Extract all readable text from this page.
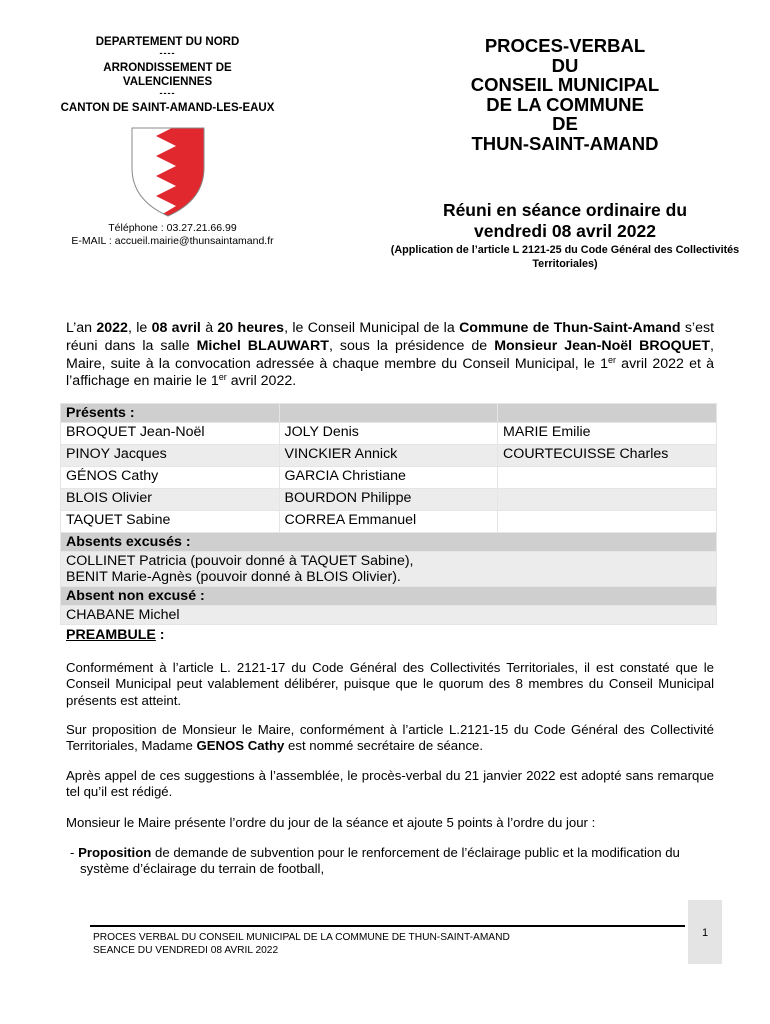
DEPARTEMENT DU NORD
----
ARRONDISSEMENT DE
VALENCIENNES
----
CANTON DE SAINT-AMAND-LES-EAUX
Téléphone : 03.27.21.66.99
E-MAIL : accueil.mairie@thunsaintamand.fr
PROCES-VERBAL
DU
CONSEIL MUNICIPAL
DE LA COMMUNE
DE
THUN-SAINT-AMAND
Réuni en séance ordinaire du
vendredi 08 avril 2022
(Application de l’article L 2121-25 du Code Général des Collectivités Territoriales)
L’an 2022, le 08 avril à 20 heures, le Conseil Municipal de la Commune de Thun-Saint-Amand s’est réuni dans la salle Michel BLAUWART, sous la présidence de Monsieur Jean-Noël BROQUET, Maire, suite à la convocation adressée à chaque membre du Conseil Municipal, le 1er avril 2022 et à l’affichage en mairie le 1er avril 2022.
Présents :		
BROQUET Jean-Noël	JOLY Denis	MARIE Emilie
PINOY Jacques	VINCKIER Annick	COURTECUISSE Charles
GÉNOS Cathy	GARCIA Christiane	
BLOIS Olivier	BOURDON Philippe	
TAQUET Sabine	CORREA Emmanuel	
Absents excusés :		

COLLINET Patricia (pouvoir donné à TAQUET Sabine),
BENIT Marie-Agnès (pouvoir donné à BLOIS Olivier).		

Absent non excusé :		
CHABANE Michel		
PREAMBULE :
Conformément à l’article L. 2121-17 du Code Général des Collectivités Territoriales, il est constaté que le Conseil Municipal peut valablement délibérer, puisque que le quorum des 8 membres du Conseil Municipal présents est atteint.
Sur proposition de Monsieur le Maire, conformément à l’article L.2121-15 du Code Général des Collectivité Territoriales, Madame GENOS Cathy est nommé secrétaire de séance.
Après appel de ces suggestions à l’assemblée, le procès-verbal du 21 janvier 2022 est adopté sans remarque tel qu’il est rédigé.
Monsieur le Maire présente l’ordre du jour de la séance et ajoute 5 points à l’ordre du jour :
- Proposition de demande de subvention pour le renforcement de l’éclairage public et la modification du système d’éclairage du terrain de football,
PROCES VERBAL DU CONSEIL MUNICIPAL DE LA COMMUNE DE THUN-SAINT-AMAND
SEANCE DU VENDREDI 08 AVRIL 2022
1
